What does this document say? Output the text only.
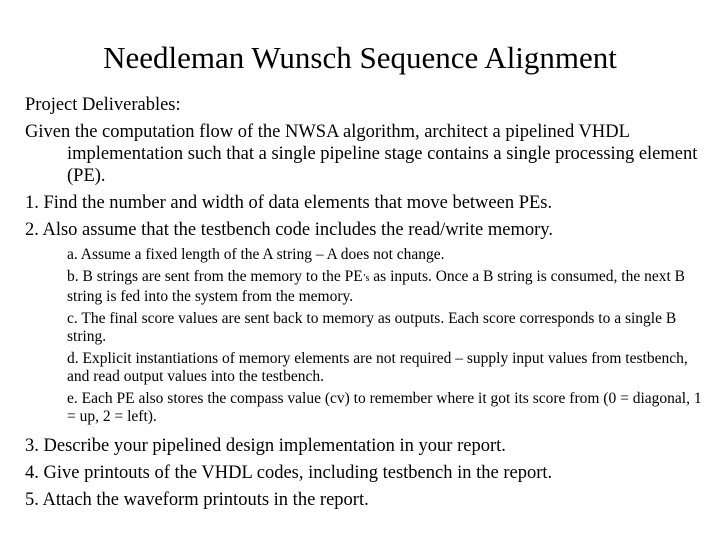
Needleman Wunsch Sequence Alignment
Project Deliverables:
Given the computation flow of the NWSA algorithm, architect a pipelined VHDL implementation such that a single pipeline stage contains a single processing element (PE).
1. Find the number and width of data elements that move between PEs.
2. Also assume that the testbench code includes the read/write memory.
a. Assume a fixed length of the A string – A does not change.
b. B strings are sent from the memory to the PE’s as inputs. Once a B string is consumed, the next B string is fed into the system from the memory.
c. The final score values are sent back to memory as outputs. Each score corresponds to a single B string.
d. Explicit instantiations of memory elements are not required – supply input values from testbench, and read output values into the testbench.
e. Each PE also stores the compass value (cv) to remember where it got its score from (0 = diagonal, 1 = up, 2 = left).
3. Describe your pipelined design implementation in your report.
4. Give printouts of the VHDL codes, including testbench in the report.
5. Attach the waveform printouts in the report.
